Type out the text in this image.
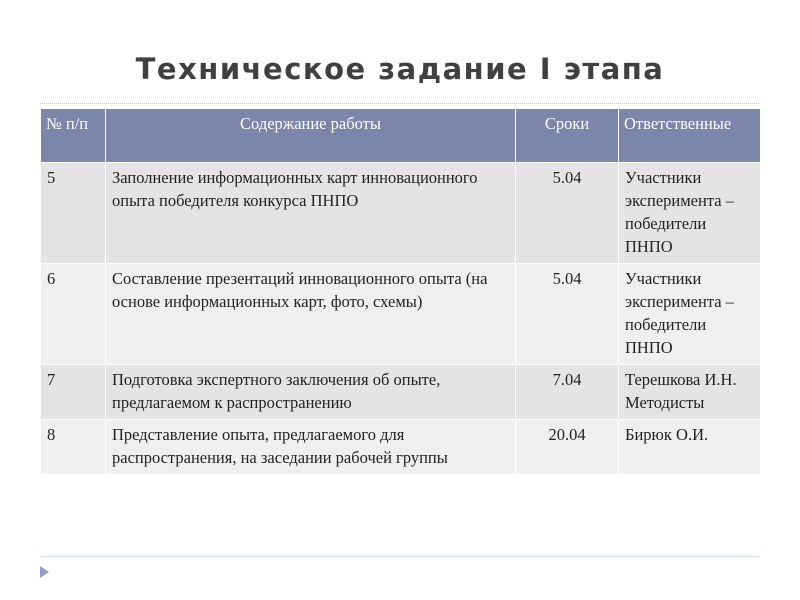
Техническое задание I этапа
№ п/п	Содержание работы	Сроки	Ответственные
5	Заполнение информационных карт инновационного опыта победителя конкурса ПНПО	5.04	Участники эксперимента – победители ПНПО
6	Составление презентаций инновационного опыта (на основе информационных карт, фото, схемы)	5.04	Участники эксперимента – победители ПНПО
7	Подготовка экспертного заключения об опыте, предлагаемом к распространению	7.04	Терешкова И.Н. Методисты
8	Представление опыта, предлагаемого для распространения, на заседании рабочей группы	20.04	Бирюк О.И.
